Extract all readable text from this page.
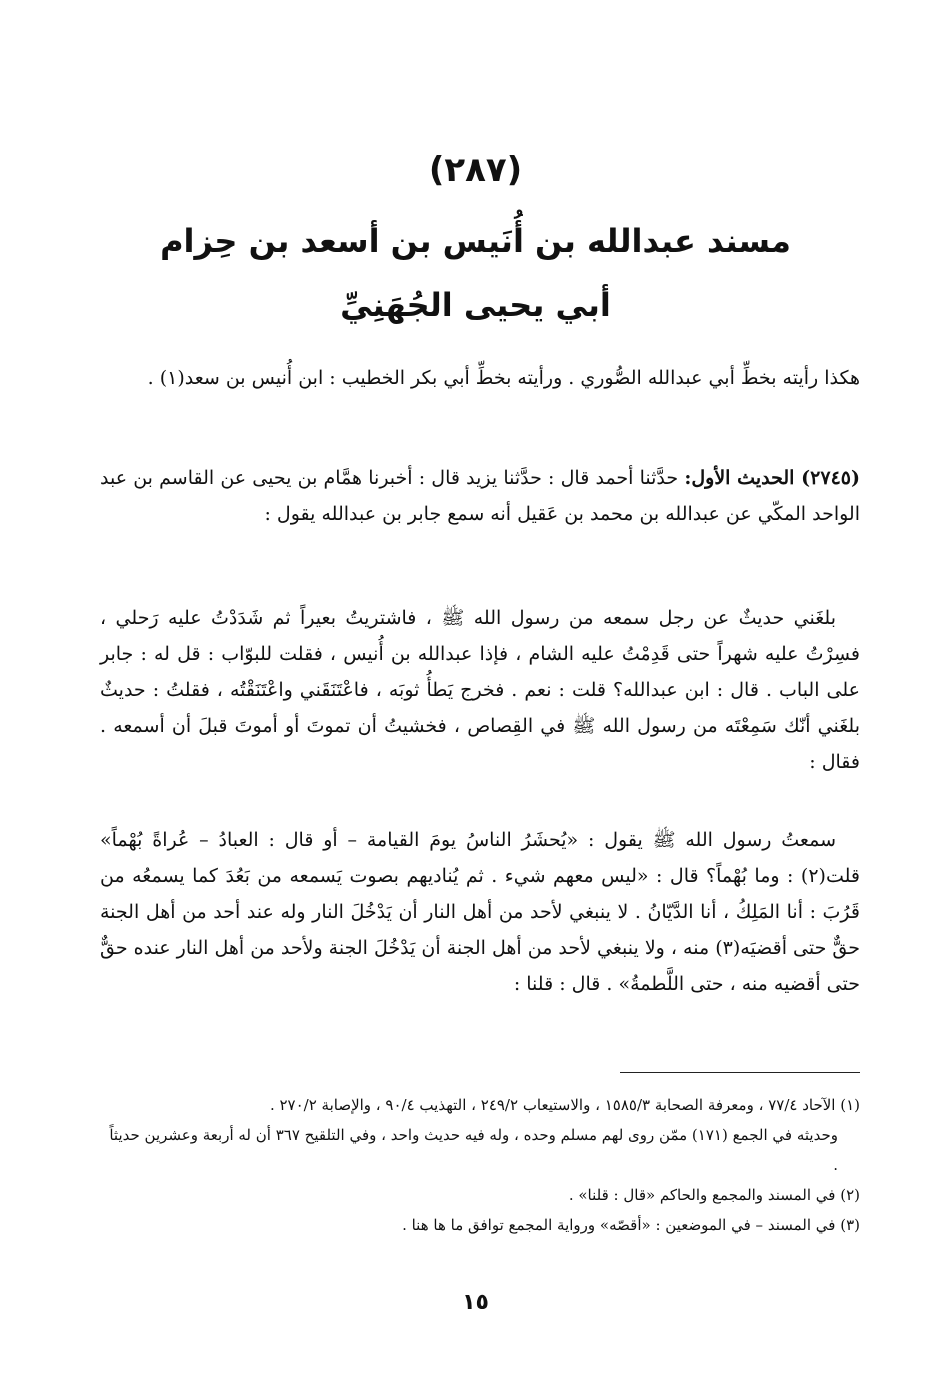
(٢٨٧)
مسند عبدالله بن أُنَيس بن أسعد بن حِزام
أبي يحيى الجُهَنِيِّ

هكذا رأيته بخطِّ أبي عبدالله الصُّوري . ورأيته بخطِّ أبي بكر الخطيب : ابن أُنيس بن سعد(١) .

(٢٧٤٥) الحديث الأول: حدَّثنا أحمد قال : حدَّثنا يزيد قال : أخبرنا همَّام بن يحيى عن القاسم بن عبد الواحد المكّي عن عبدالله بن محمد بن عَقيل أنه سمع جابر بن عبدالله يقول :

بلغَني حديثٌ عن رجل سمعه من رسول الله ﷺ ، فاشتريتُ بعيراً ثم شَدَدْتُ عليه رَحلي ، فسِرْتُ عليه شهراً حتى قَدِمْتُ عليه الشام ، فإذا عبدالله بن أُنيس ، فقلت للبوّاب : قل له : جابر على الباب . قال : ابن عبدالله؟ قلت : نعم . فخرج يَطأُ ثوبَه ، فاعْتَنَقَني واعْتَنَقْتُه ، فقلتُ : حديثٌ بلغَني أنّك سَمِعْتَه من رسول الله ﷺ في القِصاص ، فخشيتُ أن تموتَ أو أموتَ قبلَ أن أسمعه . فقال :

سمعتُ رسول الله ﷺ يقول : «يُحشَرُ الناسُ يومَ القيامة – أو قال : العبادُ – عُراةً بُهْماً» قلت(٢) : وما بُهْماً؟ قال : «ليس معهم شيء . ثم يُناديهم بصوت يَسمعه من بَعُدَ كما يسمعُه من قَرُبَ : أنا المَلِكُ ، أنا الدَّيّانُ . لا ينبغي لأحد من أهل النار أن يَدْخُلَ النار وله عند أحد من أهل الجنة حقٌّ حتى أقضيَه(٣) منه ، ولا ينبغي لأحد من أهل الجنة أن يَدْخُلَ الجنة ولأحد من أهل النار عنده حقٌّ حتى أقضيه منه ، حتى اللَّطمةُ» . قال : قلنا :

(١) الآحاد ٧٧/٤ ، ومعرفة الصحابة ١٥٨٥/٣ ، والاستيعاب ٢٤٩/٢ ، التهذيب ٩٠/٤ ، والإصابة ٢٧٠/٢ .

وحديثه في الجمع (١٧١) ممّن روى لهم مسلم وحده ، وله فيه حديث واحد ، وفي التلقيح ٣٦٧ أن له أربعة وعشرين حديثاً .

(٢) في المسند والمجمع والحاكم «قال : قلنا» .

(٣) في المسند – في الموضعين : «أقصّه» ورواية المجمع توافق ما ها هنا .

١٥
